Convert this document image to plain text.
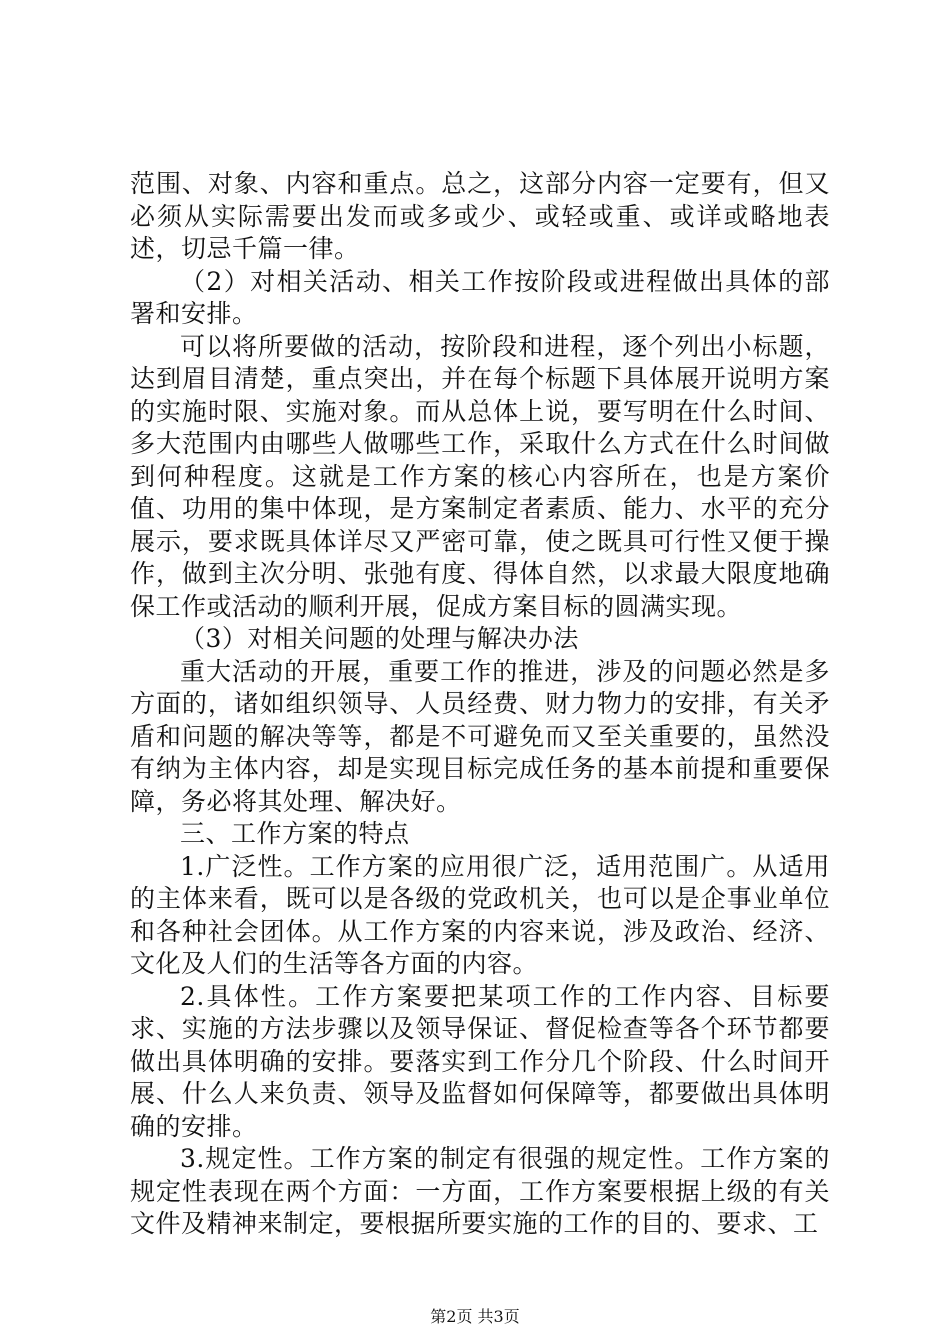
范围、对象、内容和重点。总之，这部分内容一定要有，但又必须从实际需要出发而或多或少、或轻或重、或详或略地表述，切忌千篇一律。

（2）对相关活动、相关工作按阶段或进程做出具体的部署和安排。

可以将所要做的活动，按阶段和进程，逐个列出小标题，达到眉目清楚，重点突出，并在每个标题下具体展开说明方案的实施时限、实施对象。而从总体上说，要写明在什么时间、多大范围内由哪些人做哪些工作，采取什么方式在什么时间做到何种程度。这就是工作方案的核心内容所在，也是方案价值、功用的集中体现，是方案制定者素质、能力、水平的充分展示，要求既具体详尽又严密可靠，使之既具可行性又便于操作，做到主次分明、张弛有度、得体自然，以求最大限度地确保工作或活动的顺利开展，促成方案目标的圆满实现。

（3）对相关问题的处理与解决办法

重大活动的开展，重要工作的推进，涉及的问题必然是多方面的，诸如组织领导、人员经费、财力物力的安排，有关矛盾和问题的解决等等，都是不可避免而又至关重要的，虽然没有纳为主体内容，却是实现目标完成任务的基本前提和重要保障，务必将其处理、解决好。

三、工作方案的特点

1.广泛性。工作方案的应用很广泛，适用范围广。从适用的主体来看，既可以是各级的党政机关，也可以是企事业单位和各种社会团体。从工作方案的内容来说，涉及政治、经济、文化及人们的生活等各方面的内容。

2.具体性。工作方案要把某项工作的工作内容、目标要求、实施的方法步骤以及领导保证、督促检查等各个环节都要做出具体明确的安排。要落实到工作分几个阶段、什么时间开展、什么人来负责、领导及监督如何保障等，都要做出具体明确的安排。

3.规定性。工作方案的制定有很强的规定性。工作方案的规定性表现在两个方面：一方面，工作方案要根据上级的有关文件及精神来制定，要根据所要实施的工作的目的、要求、工

第2页 共3页
